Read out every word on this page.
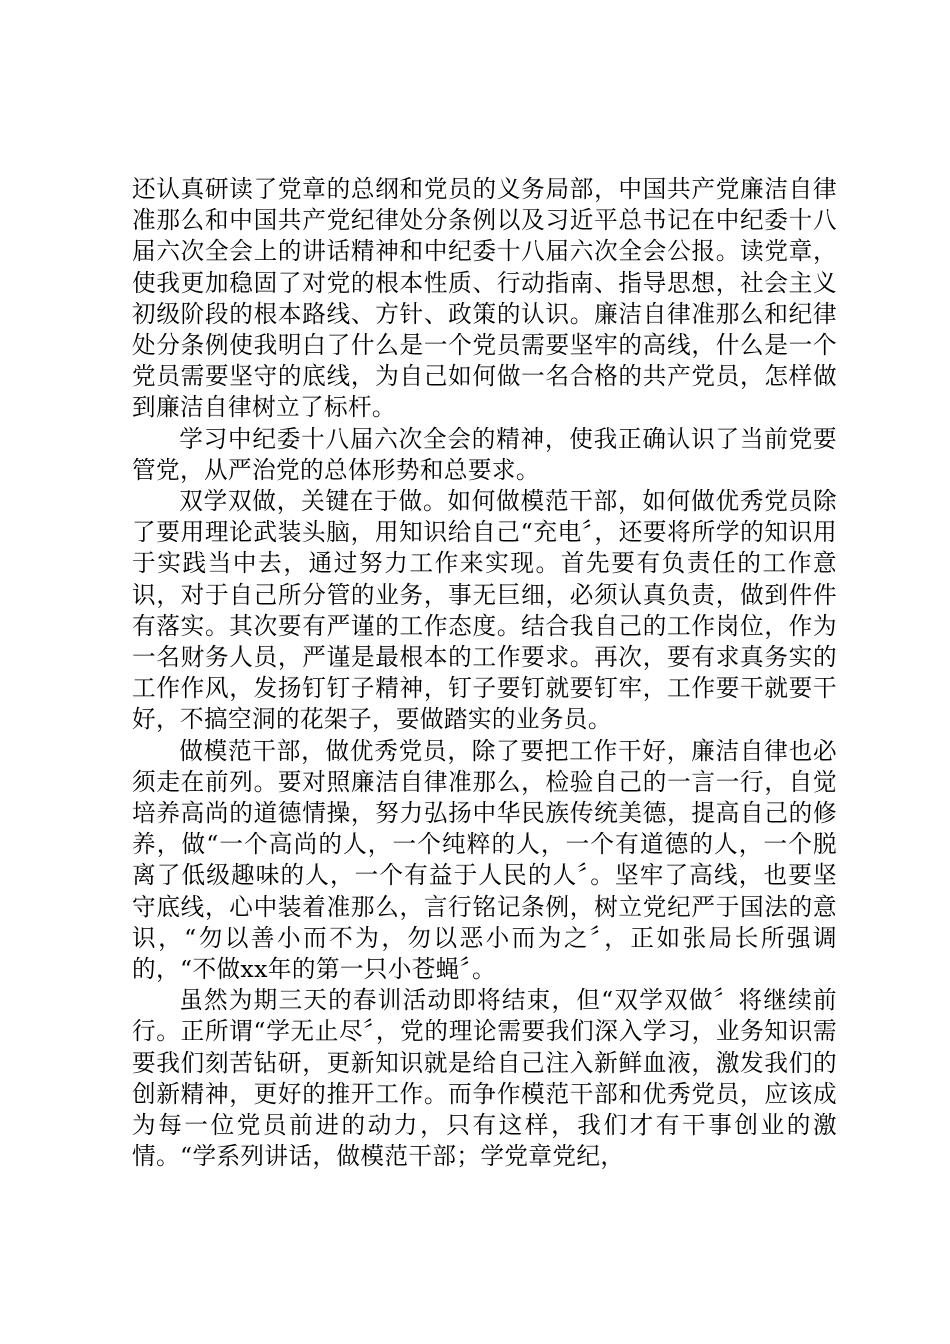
还认真研读了党章的总纲和党员的义务局部，中国共产党廉洁自律准那么和中国共产党纪律处分条例以及习近平总书记在中纪委十八届六次全会上的讲话精神和中纪委十八届六次全会公报。读党章，使我更加稳固了对党的根本性质、行动指南、指导思想，社会主义初级阶段的根本路线、方针、政策的认识。廉洁自律准那么和纪律处分条例使我明白了什么是一个党员需要坚牢的高线，什么是一个党员需要坚守的底线，为自己如何做一名合格的共产党员，怎样做到廉洁自律树立了标杆。

学习中纪委十八届六次全会的精神，使我正确认识了当前党要管党，从严治党的总体形势和总要求。

双学双做，关键在于做。如何做模范干部，如何做优秀党员除了要用理论武装头脑，用知识给自己“充电〞，还要将所学的知识用于实践当中去，通过努力工作来实现。首先要有负责任的工作意识，对于自己所分管的业务，事无巨细，必须认真负责，做到件件有落实。其次要有严谨的工作态度。结合我自己的工作岗位，作为一名财务人员，严谨是最根本的工作要求。再次，要有求真务实的工作作风，发扬钉钉子精神，钉子要钉就要钉牢，工作要干就要干好，不搞空洞的花架子，要做踏实的业务员。

做模范干部，做优秀党员，除了要把工作干好，廉洁自律也必须走在前列。要对照廉洁自律准那么，检验自己的一言一行，自觉培养高尚的道德情操，努力弘扬中华民族传统美德，提高自己的修养，做“一个高尚的人，一个纯粹的人，一个有道德的人，一个脱离了低级趣味的人，一个有益于人民的人〞。坚牢了高线，也要坚守底线，心中装着准那么，言行铭记条例，树立党纪严于国法的意识，“勿以善小而不为，勿以恶小而为之〞，正如张局长所强调的，“不做xx年的第一只小苍蝇〞。

虽然为期三天的春训活动即将结束，但“双学双做〞将继续前行。正所谓“学无止尽〞，党的理论需要我们深入学习，业务知识需要我们刻苦钻研，更新知识就是给自己注入新鲜血液，激发我们的创新精神，更好的推开工作。而争作模范干部和优秀党员，应该成为每一位党员前进的动力，只有这样，我们才有干事创业的激情。“学系列讲话，做模范干部；学党章党纪，
